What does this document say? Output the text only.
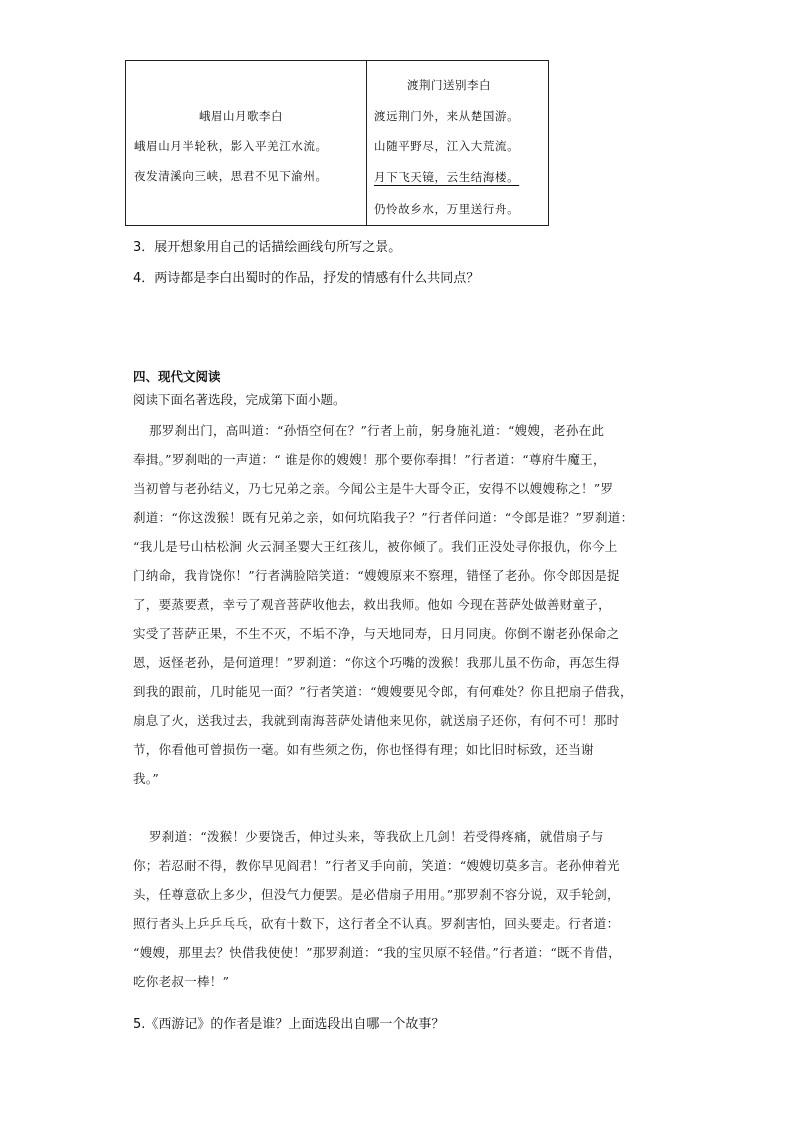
峨眉山月歌李白
峨眉山月半轮秋，影入平羌江水流。
夜发清溪向三峡，思君不见下渝州。
渡荆门送别李白
渡远荆门外，来从楚国游。
山随平野尽，江入大荒流。
月下飞天镜，云生结海楼。
仍怜故乡水，万里送行舟。
3．展开想象用自己的话描绘画线句所写之景。
4．两诗都是李白出蜀时的作品，抒发的情感有什么共同点？
四、现代文阅读
阅读下面名著选段，完成第下面小题。
那罗刹出门，高叫道：“孙悟空何在？”行者上前，躬身施礼道：“嫂嫂，老孙在此
奉揖。”罗刹咄的一声道：“ 谁是你的嫂嫂！那个要你奉揖！”行者道：“尊府牛魔王，
当初曾与老孙结义，乃七兄弟之亲。今闻公主是牛大哥令正，安得不以嫂嫂称之！”罗
刹道：“你这泼猴！既有兄弟之亲，如何坑陷我子？”行者佯问道：“令郎是谁？”罗刹道：
“我儿是号山枯松涧 火云洞圣婴大王红孩儿，被你倾了。我们正没处寻你报仇，你今上
门纳命，我肯饶你！”行者满脸陪笑道：“嫂嫂原来不察理，错怪了老孙。你令郎因是捉
了，要蒸要煮，幸亏了观音菩萨收他去，救出我师。他如 今现在菩萨处做善财童子，
实受了菩萨正果，不生不灭，不垢不净，与天地同寿，日月同庚。你倒不谢老孙保命之
恩，返怪老孙，是何道理！”罗刹道：“你这个巧嘴的泼猴！我那儿虽不伤命，再怎生得
到我的跟前，几时能见一面？”行者笑道：“嫂嫂要见令郎，有何难处？你且把扇子借我，
扇息了火，送我过去，我就到南海菩萨处请他来见你，就送扇子还你，有何不可！那时
节，你看他可曾损伤一毫。如有些须之伤，你也怪得有理；如比旧时标致，还当谢
我。”
罗刹道：“泼猴！少要饶舌，伸过头来，等我砍上几剑！若受得疼痛，就借扇子与
你；若忍耐不得，教你早见阎君！”行者叉手向前，笑道：“嫂嫂切莫多言。老孙伸着光
头，任尊意砍上多少，但没气力便罢。是必借扇子用用。”那罗刹不容分说，双手轮剑，
照行者头上乒乒乓乓，砍有十数下，这行者全不认真。罗刹害怕，回头要走。行者道：
“嫂嫂，那里去？快借我使使！”那罗刹道：“我的宝贝原不轻借。”行者道：“既不肯借，
吃你老叔一棒！”
5.《西游记》的作者是谁？上面选段出自哪一个故事？
